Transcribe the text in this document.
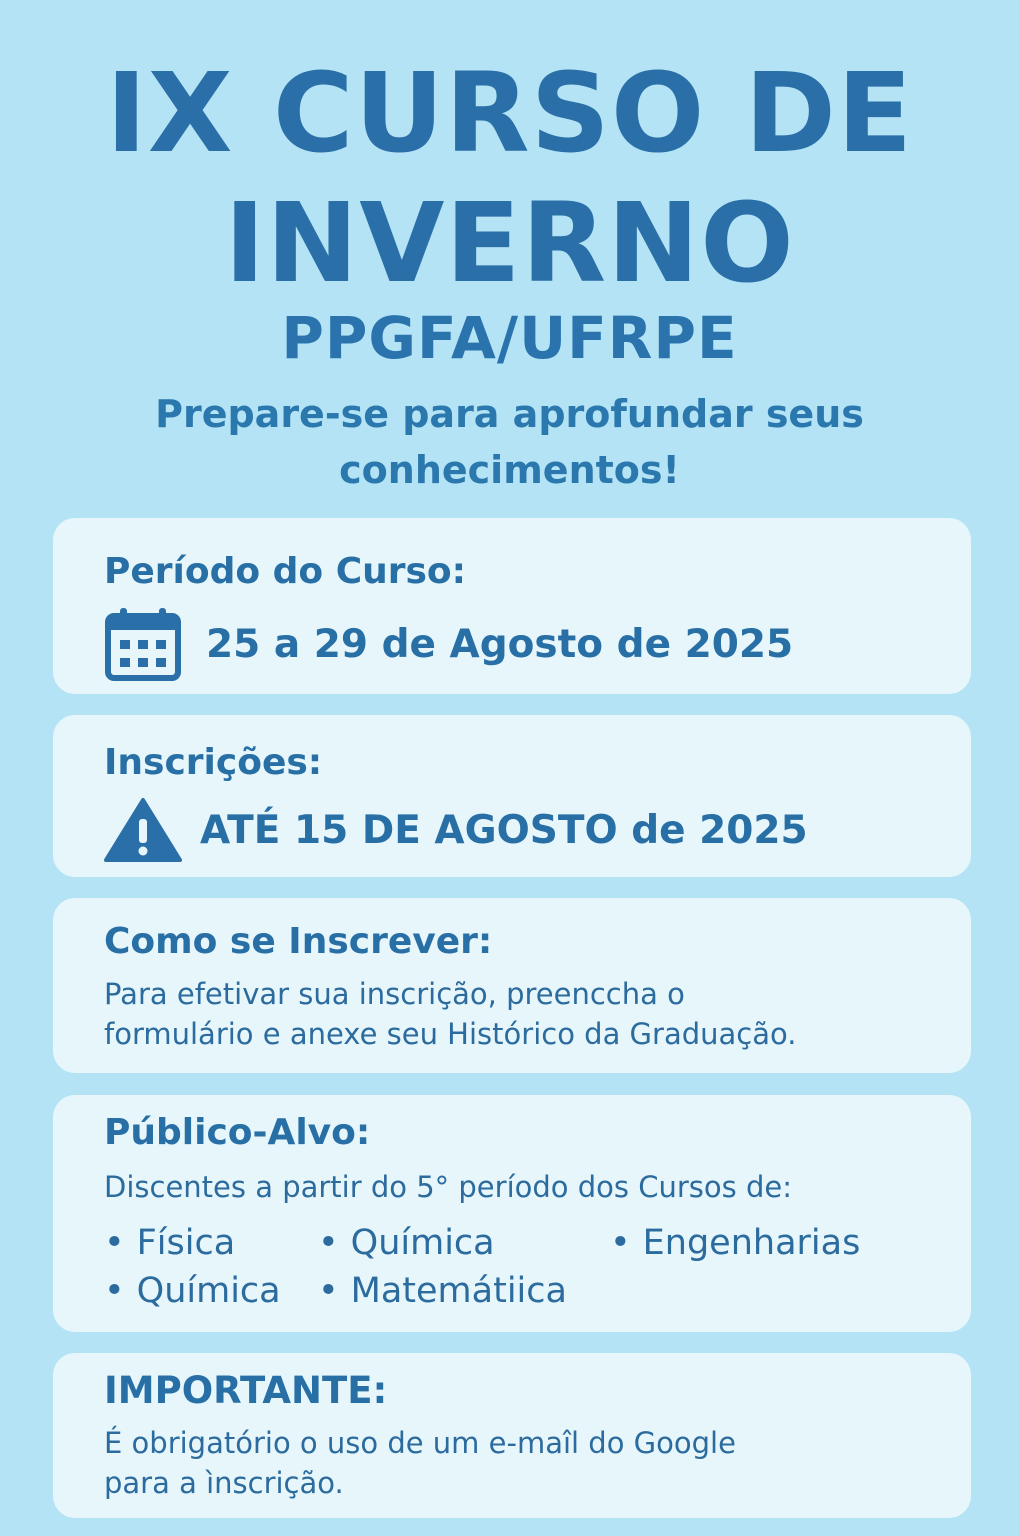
IX CURSO DE
INVERNO
PPGFA/UFRPE
Prepare-se para aprofundar seus
conhecimentos!
Período do Curso:
25 a 29 de Agosto de 2025
Inscrições:
ATÉ 15 DE AGOSTO de 2025
Como se Inscrever:
Para efetivar sua inscrição, preenccha o
formulário e anexe seu Histórico da Graduação.
Público-Alvo:
Discentes a partir do 5° período dos Cursos de:
• Física	• Química	• Engenharias
• Química	• Matemátiica
IMPORTANTE:
É obrigatório o uso de um e-maîl do Google
para a ìnscrição.
